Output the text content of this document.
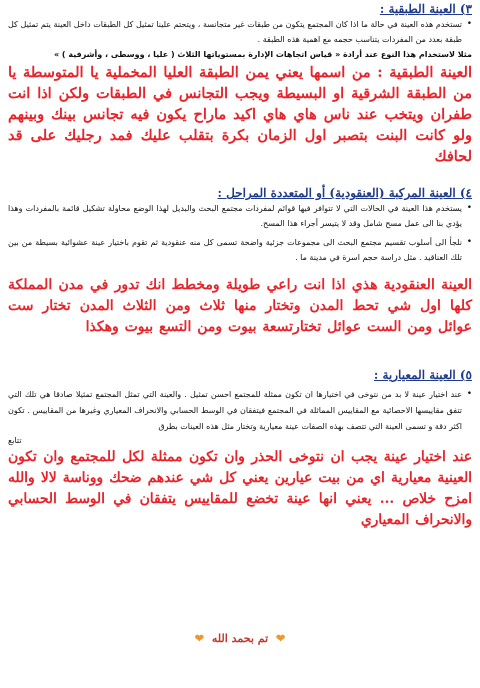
٣) العينة الطبقية :
•
تستخدم هذه العينة في حالة ما اذا كان المجتمع يتكون من طبقات غير متجانسة ، ويتحتم علينا تمثيل كل الطبقات داخل العينة يتم تمثيل كل طبقة بعدد من المفردات يتناسب حجمه مع اهمية هذه الطبقة .
مثلا لاستخدام هذا النوع عند أرادة « قياس اتجاهات الإدارة بمستوياتها الثلاث ( عليا ، ووسطى ، وأشرفية ) »
العينة الطبقية : من اسمها يعني يمن الطبقة العليا المخملية يا المتوسطة يا من الطبقة الشرقية او البسيطة ويجب التجانس في الطبقات ولكن اذا انت طفران ويتخب عند ناس هاي هاي اكيد ماراح يكون فيه تجانس بينك وبينهم ولو كانت البنت بتصبر اول الزمان بكرة بتقلب عليك فمد رجليك على قد لحافك
٤) العينة المركبة (العنقودية) أو المتعددة المراحل :
•
يستخدم هذا العينة في الحالات التي لا تتوافر فيها قوائم لمفردات مجتمع البحث والبديل لهذا الوضع محاولة تشكيل قائمة بالمفردات وهذا يؤدي بنا الى عمل مسح شامل وقد لا يتيسر أجراء هذا المسح.
•
نلجأ الى أسلوب تقسيم مجتمع البحث الى مجموعات جزئية واضحة تسمى كل منه عنقودية ثم تقوم باختيار عينة عشوائية بسيطة من بين تلك العناقيد . مثل دراسة حجم اسرة في مدينة ما .
العينة العنقودية هذي اذا انت راعي طويلة ومخطط انك تدور في مدن المملكة كلها اول شي تحط المدن وتختار منها ثلاث ومن الثلاث المدن تختار ست عوائل ومن الست عوائل تختارتسعة بيوت ومن التسع بيوت وهكذا
٥) العينة المعيارية :
•
عند اختيار عينة لا بد من نتوخى في اختيارها ان تكون ممثلة للمجتمع احسن تمثيل . والعينة التي تمثل المجتمع تمثيلا صادقا هي تلك التي تتفق مقاييسها الاحصائية مع المقاييس المماثلة في المجتمع فيتفقان في الوسط الحسابي والانحراف المعياري وغيرها من المقاييس . تكون اكثر دقة و تسمى العينة التي تتصف بهذه الصفات عينة معيارية وتختار مثل هذه العينات بطرق
تتابع
عند اختيار عينة يجب ان نتوخى الحذر وان تكون ممثلة لكل للمجتمع وان تكون العينية معيارية اي من بيت عيارين يعني كل شي عندهم ضحك ووناسة لالا والله امزح خلاص ... يعني انها عينة تخضع للمقاييس يتفقان في الوسط الحسابي والانحراف المعياري
❤ تم بحمد الله ❤
